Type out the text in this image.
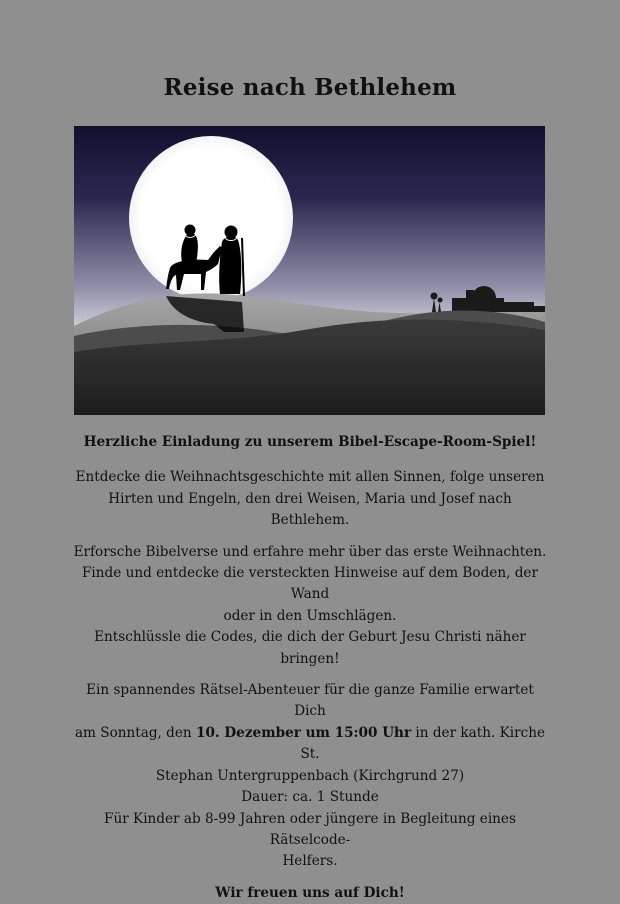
Reise nach Bethlehem

Herzliche Einladung zu unserem Bibel-Escape-Room-Spiel!

Entdecke die Weihnachtsgeschichte mit allen Sinnen, folge unseren
Hirten und Engeln, den drei Weisen, Maria und Josef nach Bethlehem.

Erforsche Bibelverse und erfahre mehr über das erste Weihnachten.
Finde und entdecke die versteckten Hinweise auf dem Boden, der Wand
oder in den Umschlägen.
Entschlüssle die Codes, die dich der Geburt Jesu Christi näher bringen!

Ein spannendes Rätsel-Abenteuer für die ganze Familie erwartet Dich
am Sonntag, den 10. Dezember um 15:00 Uhr in der kath. Kirche St.
Stephan Untergruppenbach (Kirchgrund 27)
Dauer: ca. 1 Stunde
Für Kinder ab 8-99 Jahren oder jüngere in Begleitung eines Rätselcode-
Helfers.

Wir freuen uns auf Dich!
